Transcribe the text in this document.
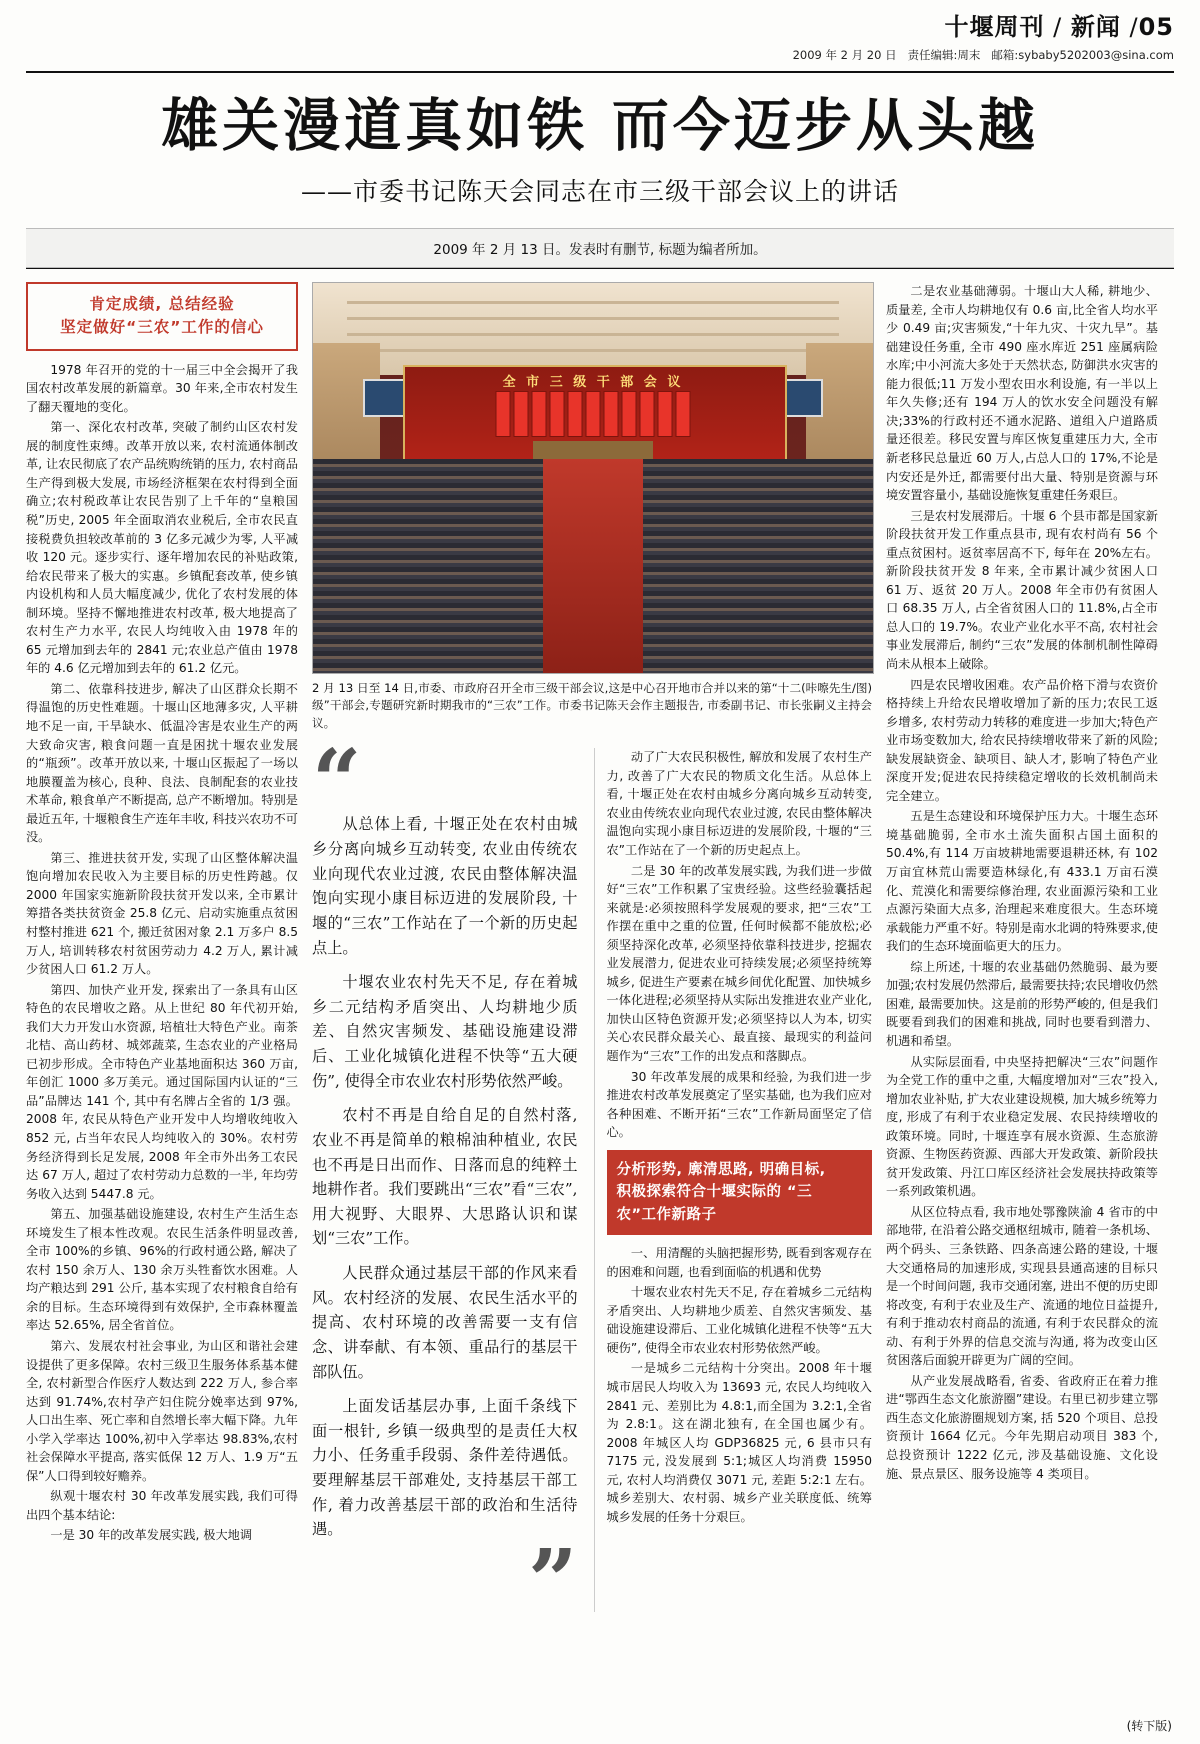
十堰周刊 / 新闻 /05
2009 年 2 月 20 日 责任编辑:周末 邮箱:sybaby5202003@sina.com
雄关漫道真如铁 而今迈步从头越
——市委书记陈天会同志在市三级干部会议上的讲话
2009 年 2 月 13 日。发表时有删节, 标题为编者所加。
肯定成绩, 总结经验
坚定做好“三农”工作的信心

1978 年召开的党的十一届三中全会揭开了我国农村改革发展的新篇章。30 年来,全市农村发生了翻天覆地的变化。

第一、深化农村改革, 突破了制约山区农村发展的制度性束缚。改革开放以来, 农村流通体制改革, 让农民彻底了农产品统购统销的压力, 农村商品生产得到极大发展, 市场经济框架在农村得到全面确立;农村税政革让农民告别了上千年的“皇粮国税”历史, 2005 年全面取消农业税后, 全市农民直接税费负担较改革前的 3 亿多元减少为零, 人平减收 120 元。逐步实行、逐年增加农民的补贴政策, 给农民带来了极大的实惠。乡镇配套改革, 使乡镇内设机构和人员大幅度减少, 优化了农村发展的体制环境。坚持不懈地推进农村改革, 极大地提高了农村生产力水平, 农民人均纯收入由 1978 年的 65 元增加到去年的 2841 元;农业总产值由 1978 年的 4.6 亿元增加到去年的 61.2 亿元。

第二、依靠科技进步, 解决了山区群众长期不得温饱的历史性难题。十堰山区地薄多灾, 人平耕地不足一亩, 干旱缺水、低温冷害是农业生产的两大致命灾害, 粮食问题一直是困扰十堰农业发展的“瓶颈”。改革开放以来, 十堰山区振起了一场以地膜覆盖为核心, 良种、良法、良制配套的农业技术革命, 粮食单产不断提高, 总产不断增加。特别是最近五年, 十堰粮食生产连年丰收, 科技兴农功不可没。

第三、推进扶贫开发, 实现了山区整体解决温饱向增加农民收入为主要目标的历史性跨越。仅 2000 年国家实施新阶段扶贫开发以来, 全市累计筹措各类扶贫资金 25.8 亿元、启动实施重点贫困村整村推进 621 个, 搬迁贫困对象 2.1 万多户 8.5 万人, 培训转移农村贫困劳动力 4.2 万人, 累计减少贫困人口 61.2 万人。

第四、加快产业开发, 探索出了一条具有山区特色的农民增收之路。从上世纪 80 年代初开始, 我们大力开发山水资源, 培植壮大特色产业。南茶北桔、高山药材、城郊蔬菜, 生态农业的产业格局已初步形成。全市特色产业基地面积达 360 万亩, 年创汇 1000 多万美元。通过国际国内认证的“三品”品牌达 141 个, 其中有名牌占全省的 1/3 强。2008 年, 农民从特色产业开发中人均增收纯收入 852 元, 占当年农民人均纯收入的 30%。农村劳务经济得到长足发展, 2008 年全市外出务工农民达 67 万人, 超过了农村劳动力总数的一半, 年均劳务收入达到 5447.8 元。

第五、加强基础设施建设, 农村生产生活生态环境发生了根本性改观。农民生活条件明显改善, 全市 100%的乡镇、96%的行政村通公路, 解决了农村 150 余万人、130 余万头牲畜饮水困难。人均产粮达到 291 公斤, 基本实现了农村粮食自给有余的目标。生态环境得到有效保护, 全市森林覆盖率达 52.65%, 居全省首位。

第六、发展农村社会事业, 为山区和谐社会建设提供了更多保障。农村三级卫生服务体系基本健全, 农村新型合作医疗人数达到 222 万人, 参合率达到 91.74%,农村孕产妇住院分娩率达到 97%, 人口出生率、死亡率和自然增长率大幅下降。九年小学入学率达 100%,初中入学率达 98.83%,农村社会保障水平提高, 落实低保 12 万人、1.9 万“五保”人口得到较好赡养。

纵观十堰农村 30 年改革发展实践, 我们可得出四个基本结论:

一是 30 年的改革发展实践, 极大地调

全 市 三 级 干 部 会 议
(咔嚓先生/图)
2 月 13 日至 14 日,市委、市政府召开全市三级干部会议,这是中心召开地市合并以来的第“十二级”干部会,专题研究新时期我市的“三农”工作。市委书记陈天会作主题报告, 市委副书记、市长张嗣义主持会议。
“

从总体上看, 十堰正处在农村由城乡分离向城乡互动转变, 农业由传统农业向现代农业过渡, 农民由整体解决温饱向实现小康目标迈进的发展阶段, 十堰的“三农”工作站在了一个新的历史起点上。

十堰农业农村先天不足, 存在着城乡二元结构矛盾突出、人均耕地少质差、自然灾害频发、基础设施建设滞后、工业化城镇化进程不快等“五大硬伤”, 使得全市农业农村形势依然严峻。

农村不再是自给自足的自然村落, 农业不再是简单的粮棉油种植业, 农民也不再是日出而作、日落而息的纯粹土地耕作者。我们要跳出“三农”看“三农”,用大视野、大眼界、大思路认识和谋划“三农”工作。

人民群众通过基层干部的作风来看风。农村经济的发展、农民生活水平的提高、农村环境的改善需要一支有信念、讲奉献、有本领、重品行的基层干部队伍。

上面发话基层办事, 上面千条线下面一根针, 乡镇一级典型的是责任大权力小、任务重手段弱、条件差待遇低。要理解基层干部难处, 支持基层干部工作, 着力改善基层干部的政治和生活待遇。

”

动了广大农民积极性, 解放和发展了农村生产力, 改善了广大农民的物质文化生活。从总体上看, 十堰正处在农村由城乡分离向城乡互动转变, 农业由传统农业向现代农业过渡, 农民由整体解决温饱向实现小康目标迈进的发展阶段, 十堰的“三农”工作站在了一个新的历史起点上。

二是 30 年的改革发展实践, 为我们进一步做好“三农”工作积累了宝贵经验。这些经验囊括起来就是:必须按照科学发展观的要求, 把“三农”工作摆在重中之重的位置, 任何时候都不能放松;必须坚持深化改革, 必须坚持依靠科技进步, 挖掘农业发展潜力, 促进农业可持续发展;必须坚持统筹城乡, 促进生产要素在城乡间优化配置、加快城乡一体化进程;必须坚持从实际出发推进农业产业化, 加快山区特色资源开发;必须坚持以人为本, 切实关心农民群众最关心、最直接、最现实的利益问题作为“三农”工作的出发点和落脚点。

30 年改革发展的成果和经验, 为我们进一步推进农村改革发展奠定了坚实基础, 也为我们应对各种困难、不断开拓“三农”工作新局面坚定了信心。

分析形势, 廓清思路, 明确目标,
积极探索符合十堰实际的 “三
农”工作新路子

一、用清醒的头脑把握形势, 既看到客观存在的困难和问题, 也看到面临的机遇和优势

十堰农业农村先天不足, 存在着城乡二元结构矛盾突出、人均耕地少质差、自然灾害频发、基础设施建设滞后、工业化城镇化进程不快等“五大硬伤”, 使得全市农业农村形势依然严峻。

一是城乡二元结构十分突出。2008 年十堰城市居民人均收入为 13693 元, 农民人均纯收入 2841 元、差别比为 4.8:1,而全国为 3.2:1,全省为 2.8:1。这在湖北独有, 在全国也属少有。2008 年城区人均 GDP36825 元, 6 县市只有 7175 元, 没发展到 5:1;城区人均消费 15950 元, 农村人均消费仅 3071 元, 差距 5:2:1 左右。城乡差别大、农村弱、城乡产业关联度低、统筹城乡发展的任务十分艰巨。

二是农业基础薄弱。十堰山大人稀, 耕地少、质量差, 全市人均耕地仅有 0.6 亩,比全省人均水平少 0.49 亩;灾害频发,“十年九灾、十灾九旱”。基础建设任务重, 全市 490 座水库近 251 座属病险水库;中小河流大多处于天然状态, 防御洪水灾害的能力很低;11 万发小型农田水利设施, 有一半以上年久失修;还有 194 万人的饮水安全问题没有解决;33%的行政村还不通水泥路、道组入户道路质量还很差。移民安置与库区恢复重建压力大, 全市新老移民总量近 60 万人,占总人口的 17%,不论是内安还是外迁, 都需要付出大量、特别是资源与环境安置容量小, 基础设施恢复重建任务艰巨。

三是农村发展滞后。十堰 6 个县市都是国家新阶段扶贫开发工作重点县市, 现有农村尚有 56 个重点贫困村。返贫率居高不下, 每年在 20%左右。新阶段扶贫开发 8 年来, 全市累计减少贫困人口 61 万、返贫 20 万人。2008 年全市仍有贫困人口 68.35 万人, 占全省贫困人口的 11.8%,占全市总人口的 19.7%。农业产业化水平不高, 农村社会事业发展滞后, 制约“三农”发展的体制机制性障碍尚未从根本上破除。

四是农民增收困难。农产品价格下滑与农资价格持续上升给农民增收增加了新的压力;农民工返乡增多, 农村劳动力转移的难度进一步加大;特色产业市场变数加大, 给农民持续增收带来了新的风险;缺发展缺资金、缺项目、缺人才, 影响了特色产业深度开发;促进农民持续稳定增收的长效机制尚未完全建立。

五是生态建设和环境保护压力大。十堰生态环境基础脆弱, 全市水土流失面积占国土面积的 50.4%,有 114 万亩坡耕地需要退耕还林, 有 102 万亩宜林荒山需要造林绿化,有 433.1 万亩石漠化、荒漠化和需要综修治理, 农业面源污染和工业点源污染面大点多, 治理起来难度很大。生态环境承载能力严重不好。特别是南水北调的特殊要求,使我们的生态环境面临更大的压力。

综上所述, 十堰的农业基础仍然脆弱、最为要加强;农村发展仍然滞后, 最需要扶持;农民增收仍然困难, 最需要加快。这是前的形势严峻的, 但是我们既要看到我们的困难和挑战, 同时也要看到潜力、机遇和希望。

从实际层面看, 中央坚持把解决“三农”问题作为全党工作的重中之重, 大幅度增加对“三农”投入, 增加农业补贴, 扩大农业建设规模, 加大城乡统筹力度, 形成了有利于农业稳定发展、农民持续增收的政策环境。同时, 十堰连享有展水资源、生态旅游资源、生物医药资源、西部大开发政策、新阶段扶贫开发政策、丹江口库区经济社会发展扶持政策等一系列政策机遇。

从区位特点看, 我市地处鄂豫陕渝 4 省市的中部地带, 在沿着公路交通枢纽城市, 随着一条机场、两个码头、三条铁路、四条高速公路的建设, 十堰大交通格局的加速形成, 实现县县通高速的目标只是一个时间问题, 我市交通闭塞, 进出不便的历史即将改变, 有利于农业及生产、流通的地位日益提升, 有利于推动农村商品的流通, 有利于农民群众的流动、有利于外界的信息交流与沟通, 将为改变山区贫困落后面貌开辟更为广阔的空间。

从产业发展战略看, 省委、省政府正在着力推进“鄂西生态文化旅游圈”建设。右里已初步建立鄂西生态文化旅游圈规划方案, 括 520 个项目、总投资预计 1664 亿元。今年先期启动项目 383 个, 总投资预计 1222 亿元, 涉及基础设施、文化设施、景点景区、服务设施等 4 类项目。

(转下版)
